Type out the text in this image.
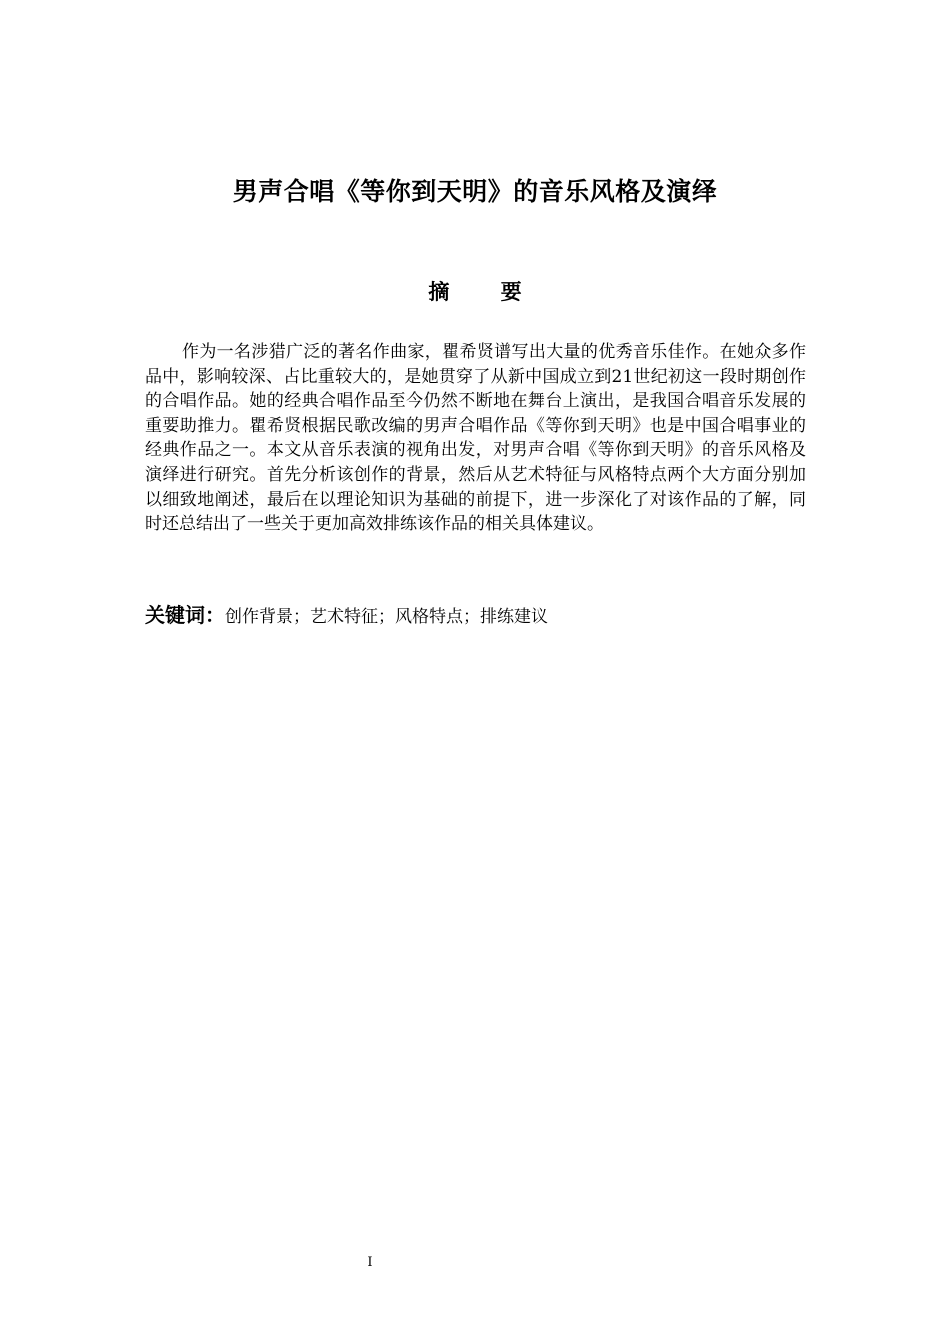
男声合唱《等你到天明》的音乐风格及演绎
摘 要

作为一名涉猎广泛的著名作曲家，瞿希贤谱写出大量的优秀音乐佳作。在她众多作品中，影响较深、占比重较大的，是她贯穿了从新中国成立到21世纪初这一段时期创作的合唱作品。她的经典合唱作品至今仍然不断地在舞台上演出，是我国合唱音乐发展的重要助推力。瞿希贤根据民歌改编的男声合唱作品《等你到天明》也是中国合唱事业的经典作品之一。本文从音乐表演的视角出发，对男声合唱《等你到天明》的音乐风格及演绎进行研究。首先分析该创作的背景，然后从艺术特征与风格特点两个大方面分别加以细致地阐述，最后在以理论知识为基础的前提下，进一步深化了对该作品的了解，同时还总结出了一些关于更加高效排练该作品的相关具体建议。

关键词：创作背景；艺术特征；风格特点；排练建议
I
